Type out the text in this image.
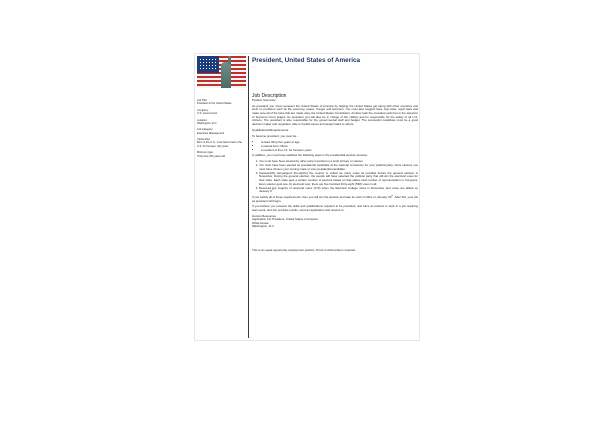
Job Title:
President of the United States
Company:
U.S. Government
Location:
Washington, D.C.
Job Category:
Executive Management
Citizenship:
Born in the U.S., must have lived in the U.S. for fourteen (14) years
Minimum Age:
Thirty-five (35) years old
President, United States of America
Job Description

Position Summary:

As president you must represent the United States of America by helping the United States get along with other countries and work on problems such as the economy, peace, hunger and terrorism. You must also suggest laws, sign laws, reject laws and make sure all of the laws that are made obey the United States Constitution. Another task the president performs is the selection of Supreme Court judges. As president you will also be in charge of the military and be responsible for the safety of all U.S. citizens. The president is also responsible for the governmental staff and budget. The successful candidate must be a good decision maker and negotiator, able to handle stress and assign tasks to others.

Qualifications/Requirements:

To become president, you must be...

• at least thirty-five years of age
• a natural born citizen
• a resident of the U.S. for fourteen years

In addition, you must have satisfied the following steps in the presidential election process:

1. You must have been elected by other party members in a local primary or caucus.
2. You must have been elected as presidential candidate at the national convention for your political party. Once elected, you must have chosen your running mate or vice presidential candidate.
3. Successfully campaigned throughout the country to collect as many votes as possible before the general election in November. During the general election, the people will have selected the political party that will win the electoral votes for their state. Each state gets a certain number of electors based on that states total number of representation in Congress. Every elector gets one (1) electoral vote; there are five hundred thirty-eight (538) votes in all.
4. Received the majority of electoral votes (270) when the Electoral College votes in December and votes are tallied on January 6th.

If you satisfy all of these requirements, then you will win the election and take an oath of office on January 20th. After this, your job as president will begin.

If you believe you possess the skills and qualifications required to be president, and have an interest to work in a job requiring team work, and can produce results, send an application and resume to:

Human Resources
Application For President, United States of America
White House
Washington, D.C.

This is an equal opportunity employment position. Proof of citizenship is required.
